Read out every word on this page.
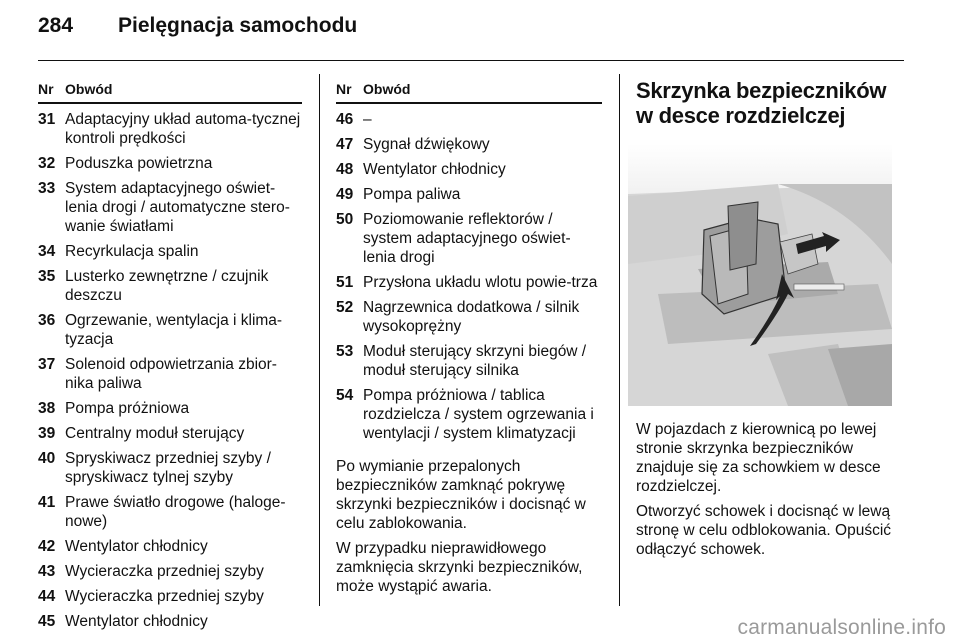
284	Pielęgnacja samochodu
Nr Obwód
31 Adaptacyjny układ automa-tycznej kontroli prędkości
32 Poduszka powietrzna
33 System adaptacyjnego oświet-lenia drogi / automatyczne stero-wanie światłami
34 Recyrkulacja spalin
35 Lusterko zewnętrzne / czujnik deszczu
36 Ogrzewanie, wentylacja i klima-tyzacja
37 Solenoid odpowietrzania zbior-nika paliwa
38 Pompa próżniowa
39 Centralny moduł sterujący
40 Spryskiwacz przedniej szyby / spryskiwacz tylnej szyby
41 Prawe światło drogowe (haloge-nowe)
42 Wentylator chłodnicy
43 Wycieraczka przedniej szyby
44 Wycieraczka przedniej szyby
45 Wentylator chłodnicy
Nr Obwód
46 –
47 Sygnał dźwiękowy
48 Wentylator chłodnicy
49 Pompa paliwa
50 Poziomowanie reflektorów / system adaptacyjnego oświet-lenia drogi
51 Przysłona układu wlotu powie-trza
52 Nagrzewnica dodatkowa / silnik wysokoprężny
53 Moduł sterujący skrzyni biegów / moduł sterujący silnika
54 Pompa próżniowa / tablica rozdzielcza / system ogrzewania i wentylacji / system klimatyzacji

Po wymianie przepalonych bezpieczników zamknąć pokrywę skrzynki bezpieczników i docisnąć w celu zablokowania.

W przypadku nieprawidłowego zamknięcia skrzynki bezpieczników, może wystąpić awaria.

Skrzynka bezpieczników w desce rozdzielczej

W pojazdach z kierownicą po lewej stronie skrzynka bezpieczników znajduje się za schowkiem w desce rozdzielczej.

Otworzyć schowek i docisnąć w lewą stronę w celu odblokowania. Opuścić odłączyć schowek.

carmanualsonline.info
